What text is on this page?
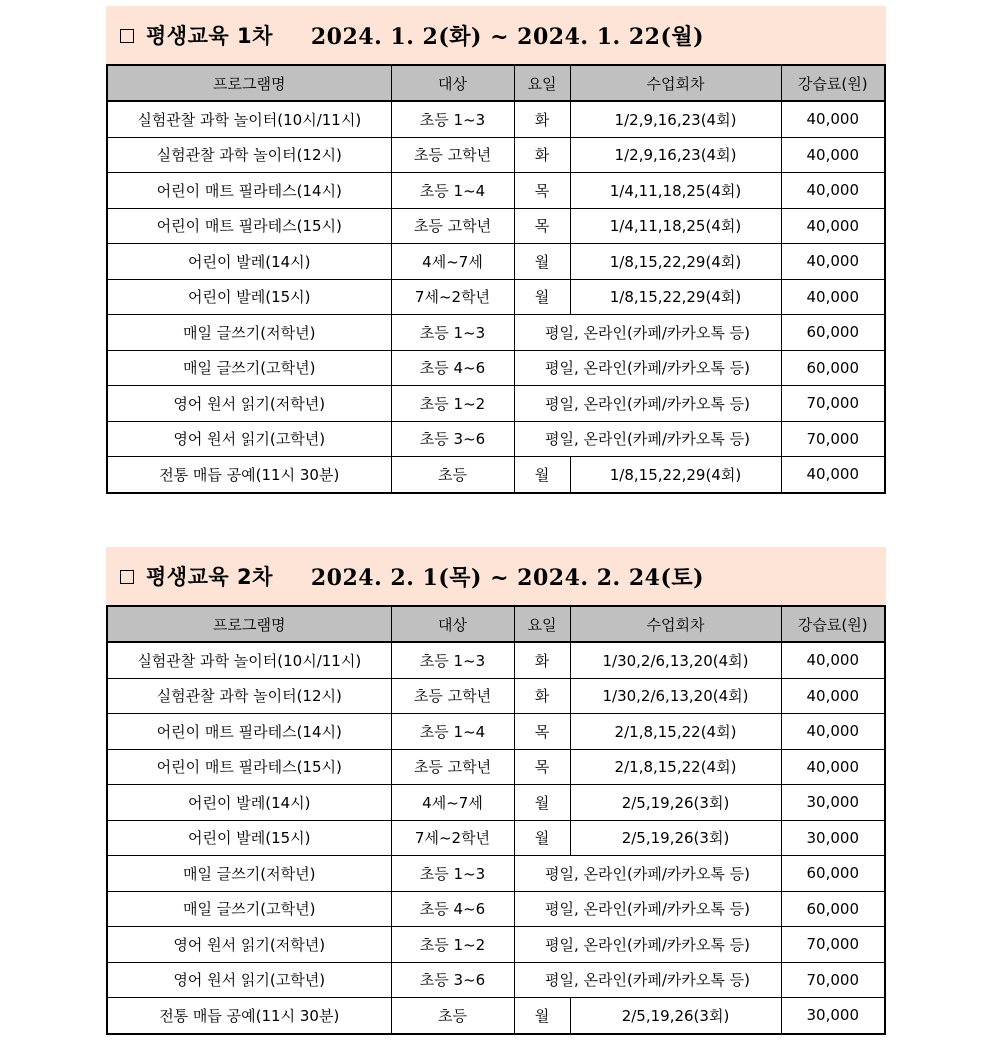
평생교육 1차 2024. 1. 2(화) ~ 2024. 1. 22(월)
프로그램명	대상	요일	수업회차	강습료(원)
실험관찰 과학 놀이터(10시/11시)	초등 1~3	화	1/2,9,16,23(4회)	40,000
실험관찰 과학 놀이터(12시)	초등 고학년	화	1/2,9,16,23(4회)	40,000
어린이 매트 필라테스(14시)	초등 1~4	목	1/4,11,18,25(4회)	40,000
어린이 매트 필라테스(15시)	초등 고학년	목	1/4,11,18,25(4회)	40,000
어린이 발레(14시)	4세~7세	월	1/8,15,22,29(4회)	40,000
어린이 발레(15시)	7세~2학년	월	1/8,15,22,29(4회)	40,000
매일 글쓰기(저학년)	초등 1~3	평일, 온라인(카페/카카오톡 등)		60,000
매일 글쓰기(고학년)	초등 4~6	평일, 온라인(카페/카카오톡 등)		60,000
영어 원서 읽기(저학년)	초등 1~2	평일, 온라인(카페/카카오톡 등)		70,000
영어 원서 읽기(고학년)	초등 3~6	평일, 온라인(카페/카카오톡 등)		70,000
전통 매듭 공예(11시 30분)	초등	월	1/8,15,22,29(4회)	40,000
평생교육 2차 2024. 2. 1(목) ~ 2024. 2. 24(토)
프로그램명	대상	요일	수업회차	강습료(원)
실험관찰 과학 놀이터(10시/11시)	초등 1~3	화	1/30,2/6,13,20(4회)	40,000
실험관찰 과학 놀이터(12시)	초등 고학년	화	1/30,2/6,13,20(4회)	40,000
어린이 매트 필라테스(14시)	초등 1~4	목	2/1,8,15,22(4회)	40,000
어린이 매트 필라테스(15시)	초등 고학년	목	2/1,8,15,22(4회)	40,000
어린이 발레(14시)	4세~7세	월	2/5,19,26(3회)	30,000
어린이 발레(15시)	7세~2학년	월	2/5,19,26(3회)	30,000
매일 글쓰기(저학년)	초등 1~3	평일, 온라인(카페/카카오톡 등)		60,000
매일 글쓰기(고학년)	초등 4~6	평일, 온라인(카페/카카오톡 등)		60,000
영어 원서 읽기(저학년)	초등 1~2	평일, 온라인(카페/카카오톡 등)		70,000
영어 원서 읽기(고학년)	초등 3~6	평일, 온라인(카페/카카오톡 등)		70,000
전통 매듭 공예(11시 30분)	초등	월	2/5,19,26(3회)	30,000
